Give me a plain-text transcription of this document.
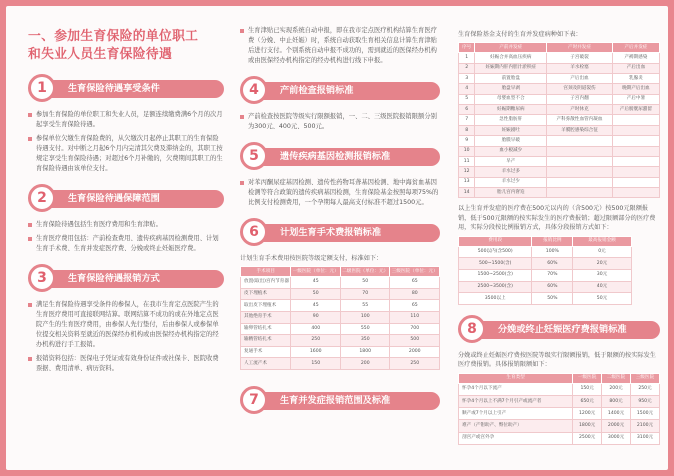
一、参加生育保险的单位职工
和失业人员生育保险待遇
1	生育保险待遇享受条件
参加生育保险的单位职工和失业人员，足额连续缴费满6个月的次月起享受生育保险待遇。
参保单位欠缴生育保险费的，从欠缴次月起停止其职工的生育保险待遇支付。对中断之月起6个月内完清其欠费及滞纳金的，其职工按规定享受生育保险待遇；对超过6个月补缴的，欠费期间其职工的生育保险待遇由该单位支付。
2	生育保险待遇保障范围
生育保险待遇包括生育医疗费用和生育津贴。
生育医疗费用包括：产前检查费用、遗传疾病基因检测费用、计划生育手术费、生育并发症医疗费、分娩或终止妊娠医疗费。
3	生育保险待遇报销方式
满足生育保险待遇享受条件的参保人，在我市生育定点医院产生的生育医疗费用可直接联网结算。联网结算不成功的或在外地定点医院产生的生育医疗费用，由参保人先行垫付，后由参保人或参保单位提交相关资料至就近的医保经办机构或由医保经办机构指定的经办机构进行手工报销。
报销资料包括：医保电子凭证或有效身份证件或社保卡、医院收费票据、费用清单、病历资料。
生育津贴已实现系统自动申报，即在我市定点医疗机构结算生育医疗费（分娩、中止妊娠）时，系统自动获取生育相关信息计算生育津贴后进行支付。个别系统自动申报不成功的，需到就近的医保经办机构或由医保经办机构指定的经办机构进行线下申报。
4	产前检查报销标准
产前检查按医院等级实行限额报销，一、二、三级医院报销限额分别为300元、400元、500元。
5	遗传疾病基因检测报销标准
对苯丙酮尿症基因检测、遗传性药物耳聋基因检测、地中海贫血基因检测等符合政策的遗传疾病基因检测，生育保险基金按照每项75%的比例支付检测费用，一个孕期每人最高支付标准不超过1500元。
6	计划生育手术费报销标准
计划生育手术费用按医院等级定额支付，标准如下：
手术项目	一级医院（单位：元）	二级医院（单位：元）	三级医院（单位：元）
放置(取出)宫内节育器	45	50	65
皮下埋植术	50	70	80
取出皮下埋植术	45	55	65
其他绝育手术	90	100	110
输卵管结扎术	400	550	700
输精管结扎术	250	350	500
复通手术	1600	1800	2000
人工流产术	150	200	250
7	生育并发症报销范围及标准
生育保险基金支付的生育并发症病种如下表：
序号	产前并发症	产时并发症	产后并发症
1	妊娠合并高血压疾病	子宫破裂	产褥期感染
2	妊娠期内肝内胆汁淤积症	羊水栓塞	产后出血
3	前置胎盘	产后出血	乳腺炎
4	胎盘早剥	宫颈及阴道裂伤	晚期产后出血
5	母婴血型不合	子宫内翻	产后中暑
6	妊娠期糖尿病	产时休克	产后膀胱尿潴留
7	急性脂肪肝	产科弥散性血管内凝血	
8	妊娠剧吐	羊膜腔感染综合征	
9	胎膜早破		
10	血小板减少		
11	早产		
12	羊水过多		
13	羊水过少		
14	胎儿宫内窘迫		
以上生育并发症的医疗费在500元以内的（含500元）按500元限额报销，低于500元限额的按实际发生的医疗费报销；超过限额部分的医疗费用，实际分段按比例报销方式，具体分段报销方式如下：
费用段	报销比例	最高报销金额
500以内(含500)	100%	0元
500~1500(含)	60%	20元
1500~2500(含)	70%	30元
2500~3500(含)	60%	40元
3500以上	50%	50元
8	分娩或终止妊娠医疗费报销标准
分娩或终止妊娠医疗费按医院等级实行限额报销，低于限额的按实际发生医疗费报销。具体报销限额如下：
生育类型	一级医院	二级医院	三级医院
怀孕4个月以下流产	150元	200元	250元
怀孕4个月以上不满7个月引产或流产者	650元	800元	950元
顺产或7个月以上引产	1200元	1400元	1500元
难产（产钳助产、臀位助产）	1800元	2000元	2100元
剖宫产或宫外孕	2500元	3000元	3100元
